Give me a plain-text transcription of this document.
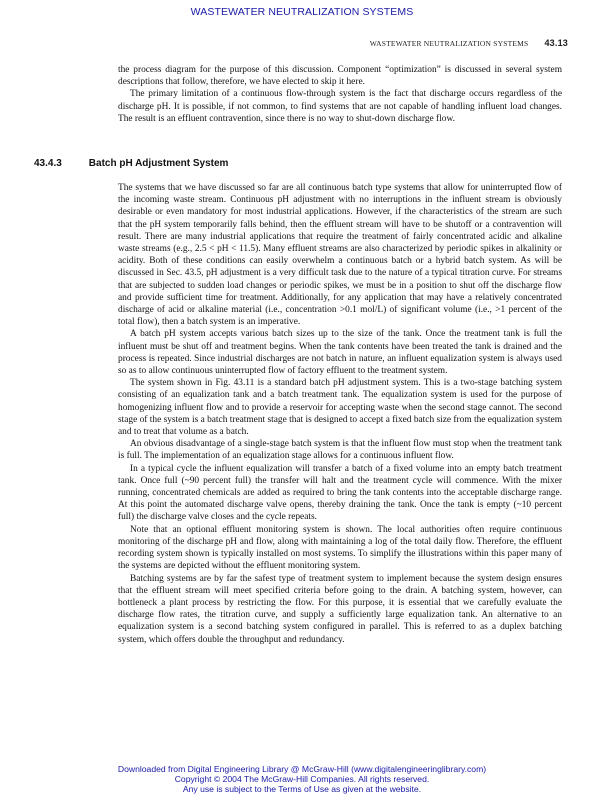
WASTEWATER NEUTRALIZATION SYSTEMS
WASTEWATER NEUTRALIZATION SYSTEMS 43.13

the process diagram for the purpose of this discussion. Component “optimization” is discussed in several system descriptions that follow, therefore, we have elected to skip it here.

The primary limitation of a continuous flow-through system is the fact that discharge occurs regardless of the discharge pH. It is possible, if not common, to find systems that are not capable of handling influent load changes. The result is an effluent contravention, since there is no way to shut-down discharge flow.

43.4.3	Batch pH Adjustment System

The systems that we have discussed so far are all continuous batch type systems that allow for uninterrupted flow of the incoming waste stream. Continuous pH adjustment with no interruptions in the influent stream is obviously desirable or even mandatory for most industrial applications. However, if the characteristics of the stream are such that the pH system temporarily falls behind, then the effluent stream will have to be shutoff or a contravention will result. There are many industrial applications that require the treatment of fairly concentrated acidic and alkaline waste streams (e.g., 2.5 < pH < 11.5). Many effluent streams are also characterized by periodic spikes in alkalinity or acidity. Both of these conditions can easily overwhelm a continuous batch or a hybrid batch system. As will be discussed in Sec. 43.5, pH adjustment is a very difficult task due to the nature of a typical titration curve. For streams that are subjected to sudden load changes or periodic spikes, we must be in a position to shut off the discharge flow and provide sufficient time for treatment. Additionally, for any application that may have a relatively concentrated discharge of acid or alkaline material (i.e., concentration >0.1 mol/L) of significant volume (i.e., >1 percent of the total flow), then a batch system is an imperative.

A batch pH system accepts various batch sizes up to the size of the tank. Once the treatment tank is full the influent must be shut off and treatment begins. When the tank contents have been treated the tank is drained and the process is repeated. Since industrial discharges are not batch in nature, an influent equalization system is always used so as to allow continuous uninterrupted flow of factory effluent to the treatment system.

The system shown in Fig. 43.11 is a standard batch pH adjustment system. This is a two-stage batching system consisting of an equalization tank and a batch treatment tank. The equalization system is used for the purpose of homogenizing influent flow and to provide a reservoir for accepting waste when the second stage cannot. The second stage of the system is a batch treatment stage that is designed to accept a fixed batch size from the equalization system and to treat that volume as a batch.

An obvious disadvantage of a single-stage batch system is that the influent flow must stop when the treatment tank is full. The implementation of an equalization stage allows for a continuous influent flow.

In a typical cycle the influent equalization will transfer a batch of a fixed volume into an empty batch treatment tank. Once full (~90 percent full) the transfer will halt and the treatment cycle will commence. With the mixer running, concentrated chemicals are added as required to bring the tank contents into the acceptable discharge range. At this point the automated discharge valve opens, thereby draining the tank. Once the tank is empty (~10 percent full) the discharge valve closes and the cycle repeats.

Note that an optional effluent monitoring system is shown. The local authorities often require continuous monitoring of the discharge pH and flow, along with maintaining a log of the total daily flow. Therefore, the effluent recording system shown is typically installed on most systems. To simplify the illustrations within this paper many of the systems are depicted without the effluent monitoring system.

Batching systems are by far the safest type of treatment system to implement because the system design ensures that the effluent stream will meet specified criteria before going to the drain. A batching system, however, can bottleneck a plant process by restricting the flow. For this purpose, it is essential that we carefully evaluate the discharge flow rates, the titration curve, and supply a sufficiently large equalization tank. An alternative to an equalization system is a second batching system configured in parallel. This is referred to as a duplex batching system, which offers double the throughput and redundancy.

Downloaded from Digital Engineering Library @ McGraw-Hill (www.digitalengineeringlibrary.com)
Copyright © 2004 The McGraw-Hill Companies. All rights reserved.
Any use is subject to the Terms of Use as given at the website.
